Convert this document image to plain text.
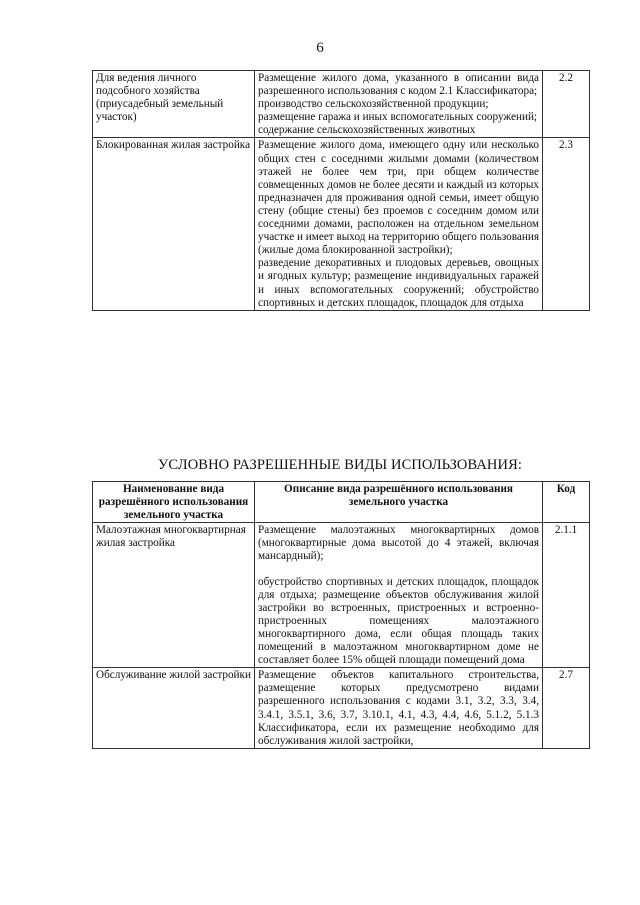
6
Для ведения личного подсобного хозяйства (приусадебный земельный участок)	Размещение жилого дома, указанного в описании вида разрешенного использования с кодом 2.1 Классификатора;

производство сельскохозяйственной продукции;

размещение гаража и иных вспомогательных сооружений;

содержание сельскохозяйственных животных	2.2
Блокированная жилая застройка	Размещение жилого дома, имеющего одну или несколько общих стен с соседними жилыми домами (количеством этажей не более чем три, при общем количестве совмещенных домов не более десяти и каждый из которых предназначен для проживания одной семьи, имеет общую стену (общие стены) без проемов с соседним домом или соседними домами, расположен на отдельном земельном участке и имеет выход на территорию общего пользования (жилые дома блокированной застройки);

разведение декоративных и плодовых деревьев, овощных и ягодных культур; размещение индивидуальных гаражей и иных вспомогательных сооружений; обустройство спортивных и детских площадок, площадок для отдыха	2.3
УСЛОВНО РАЗРЕШЕННЫЕ ВИДЫ ИСПОЛЬЗОВАНИЯ:
Наименование вида разрешённого использования земельного участка	Описание вида разрешённого использования земельного участка	Код
Малоэтажная многоквартирная жилая застройка	Размещение малоэтажных многоквартирных домов (многоквартирные дома высотой до 4 этажей, включая мансардный);

обустройство спортивных и детских площадок, площадок для отдыха; размещение объектов обслуживания жилой застройки во встроенных, пристроенных и встроенно-пристроенных помещениях малоэтажного многоквартирного дома, если общая площадь таких помещений в малоэтажном многоквартирном доме не составляет более 15% общей площади помещений дома	2.1.1
Обслуживание жилой застройки	Размещение объектов капитального строительства, размещение которых предусмотрено видами разрешенного использования с кодами 3.1, 3.2, 3.3, 3.4, 3.4.1, 3.5.1, 3.6, 3.7, 3.10.1, 4.1, 4.3, 4.4, 4.6, 5.1.2, 5.1.3 Классификатора, если их размещение необходимо для обслуживания жилой застройки,	2.7
